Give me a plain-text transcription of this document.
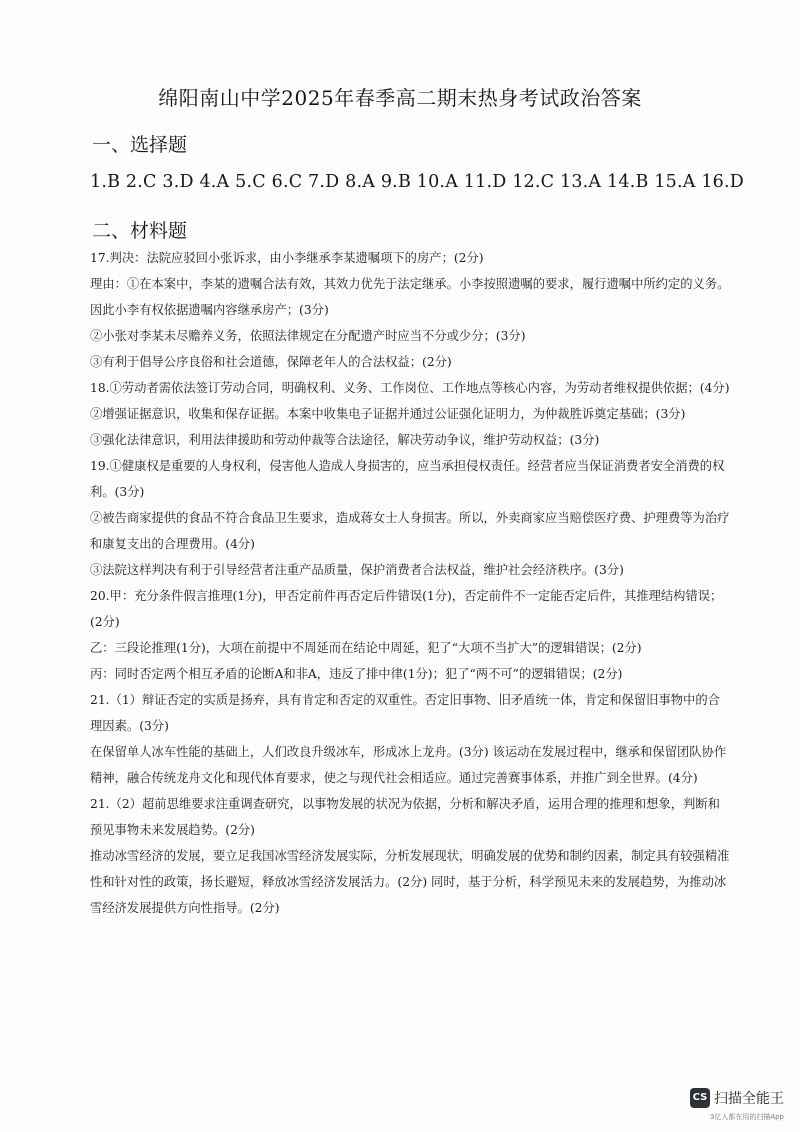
绵阳南山中学2025年春季高二期末热身考试政治答案
一、选择题
1.B 2.C 3.D 4.A 5.C 6.C 7.D 8.A 9.B 10.A 11.D 12.C 13.A 14.B 15.A 16.D
二、材料题

17.判决：法院应驳回小张诉求，由小李继承李某遗嘱项下的房产；(2分)

理由：①在本案中，李某的遗嘱合法有效，其效力优先于法定继承。小李按照遗嘱的要求，履行遗嘱中所约定的义务。因此小李有权依据遗嘱内容继承房产；(3分)

②小张对李某未尽赡养义务，依照法律规定在分配遗产时应当不分或少分；(3分)

③有利于倡导公序良俗和社会道德，保障老年人的合法权益；(2分)

18.①劳动者需依法签订劳动合同，明确权利、义务、工作岗位、工作地点等核心内容，为劳动者维权提供依据；(4分)

②增强证据意识，收集和保存证据。本案中收集电子证据并通过公证强化证明力，为仲裁胜诉奠定基础；(3分)

③强化法律意识，利用法律援助和劳动仲裁等合法途径，解决劳动争议，维护劳动权益；(3分)

19.①健康权是重要的人身权利，侵害他人造成人身损害的，应当承担侵权责任。经营者应当保证消费者安全消费的权利。(3分)

②被告商家提供的食品不符合食品卫生要求，造成蒋女士人身损害。所以，外卖商家应当赔偿医疗费、护理费等为治疗和康复支出的合理费用。(4分)

③法院这样判决有利于引导经营者注重产品质量，保护消费者合法权益，维护社会经济秩序。(3分)

20.甲：充分条件假言推理(1分)，甲否定前件再否定后件错误(1分)，否定前件不一定能否定后件，其推理结构错误；(2分)

乙：三段论推理(1分)，大项在前提中不周延而在结论中周延，犯了“大项不当扩大”的逻辑错误；(2分)

丙：同时否定两个相互矛盾的论断A和非A，违反了排中律(1分)；犯了“两不可”的逻辑错误；(2分)

21.（1）辩证否定的实质是扬弃，具有肯定和否定的双重性。否定旧事物、旧矛盾统一体，肯定和保留旧事物中的合理因素。(3分)

在保留单人冰车性能的基础上，人们改良升级冰车，形成冰上龙舟。(3分) 该运动在发展过程中，继承和保留团队协作精神，融合传统龙舟文化和现代体育要求，使之与现代社会相适应。通过完善赛事体系，并推广到全世界。(4分)

21.（2）超前思维要求注重调查研究，以事物发展的状况为依据，分析和解决矛盾，运用合理的推理和想象，判断和预见事物未来发展趋势。(2分)

推动冰雪经济的发展，要立足我国冰雪经济发展实际，分析发展现状，明确发展的优势和制约因素，制定具有较强精准性和针对性的政策，扬长避短，释放冰雪经济发展活力。(2分) 同时，基于分析，科学预见未来的发展趋势，为推动冰雪经济发展提供方向性指导。(2分)

CS 扫描全能王
3亿人都在用的扫描App
